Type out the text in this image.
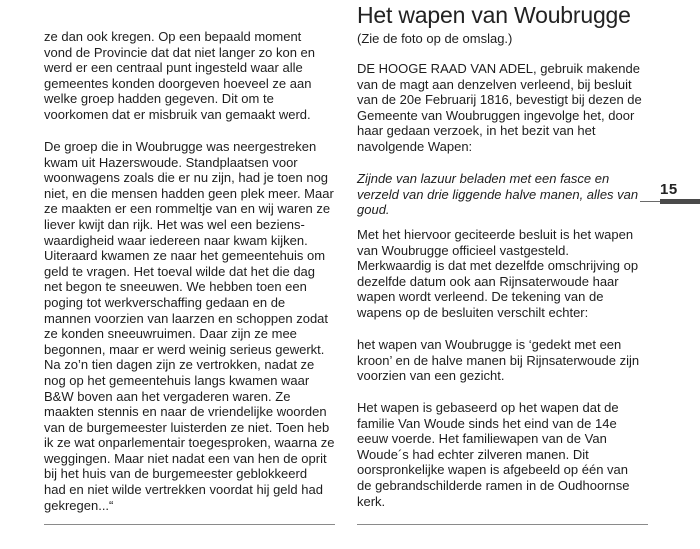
ze dan ook kregen. Op een bepaald moment
vond de Provincie dat dat niet langer zo kon en
werd er een centraal punt ingesteld waar alle
gemeentes konden doorgeven hoeveel ze aan
welke groep hadden gegeven. Dit om te
voorkomen dat er misbruik van gemaakt werd.

De groep die in Woubrugge was neergestreken
kwam uit Hazerswoude. Standplaatsen voor
woonwagens zoals die er nu zijn, had je toen nog
niet, en die mensen hadden geen plek meer. Maar
ze maakten er een rommeltje van en wij waren ze
liever kwijt dan rijk. Het was wel een beziens-
waardigheid waar iedereen naar kwam kijken.
Uiteraard kwamen ze naar het gemeentehuis om
geld te vragen. Het toeval wilde dat het die dag
net begon te sneeuwen. We hebben toen een
poging tot werkverschaffing gedaan en de
mannen voorzien van laarzen en schoppen zodat
ze konden sneeuwruimen. Daar zijn ze mee
begonnen, maar er werd weinig serieus gewerkt.
Na zo’n tien dagen zijn ze vertrokken, nadat ze
nog op het gemeentehuis langs kwamen waar
B&W boven aan het vergaderen waren. Ze
maakten stennis en naar de vriendelijke woorden
van de burgemeester luisterden ze niet. Toen heb
ik ze wat onparlementair toegesproken, waarna ze
weggingen. Maar niet nadat een van hen de oprit
bij het huis van de burgemeester geblokkeerd
had en niet wilde vertrekken voordat hij geld had
gekregen...“

Het wapen van Woubrugge

(Zie de foto op de omslag.)

DE HOOGE RAAD VAN ADEL, gebruik makende
van de magt aan denzelven verleend, bij besluit
van de 20e Februarij 1816, bevestigt bij dezen de
Gemeente van Woubruggen ingevolge het, door
haar gedaan verzoek, in het bezit van het
navolgende Wapen:

Zijnde van lazuur beladen met een fasce en
verzeld van drie liggende halve manen, alles van
goud.

Met het hiervoor geciteerde besluit is het wapen
van Woubrugge officieel vastgesteld.
Merkwaardig is dat met dezelfde omschrijving op
dezelfde datum ook aan Rijnsaterwoude haar
wapen wordt verleend. De tekening van de
wapens op de besluiten verschilt echter:

het wapen van Woubrugge is ‘gedekt met een
kroon’ en de halve manen bij Rijnsaterwoude zijn
voorzien van een gezicht.

Het wapen is gebaseerd op het wapen dat de
familie Van Woude sinds het eind van de 14e
eeuw voerde. Het familiewapen van de Van
Woude´s had echter zilveren manen. Dit
oorspronkelijke wapen is afgebeeld op één van
de gebrandschilderde ramen in de Oudhoornse
kerk.

15
